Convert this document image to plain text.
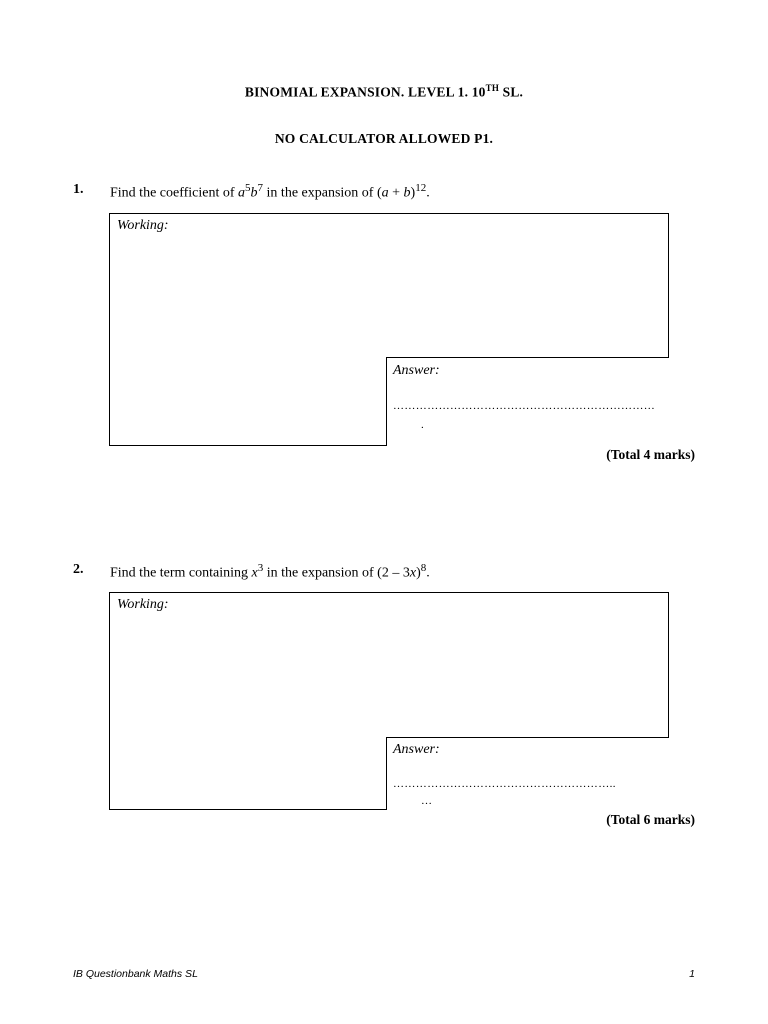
BINOMIAL EXPANSION. LEVEL 1. 10TH SL.
NO CALCULATOR ALLOWED P1.
1. Find the coefficient of $a^5b^7$ in the expansion of $(a + b)^{12}$.
Working:
Answer:
……………………………………………………………
.
(Total 4 marks)
2. Find the term containing $x^3$ in the expansion of (2 – 3x)$^8$.
Working:
Answer:
…………………………………………………..
…
(Total 6 marks)
IB Questionbank Maths SL	1
